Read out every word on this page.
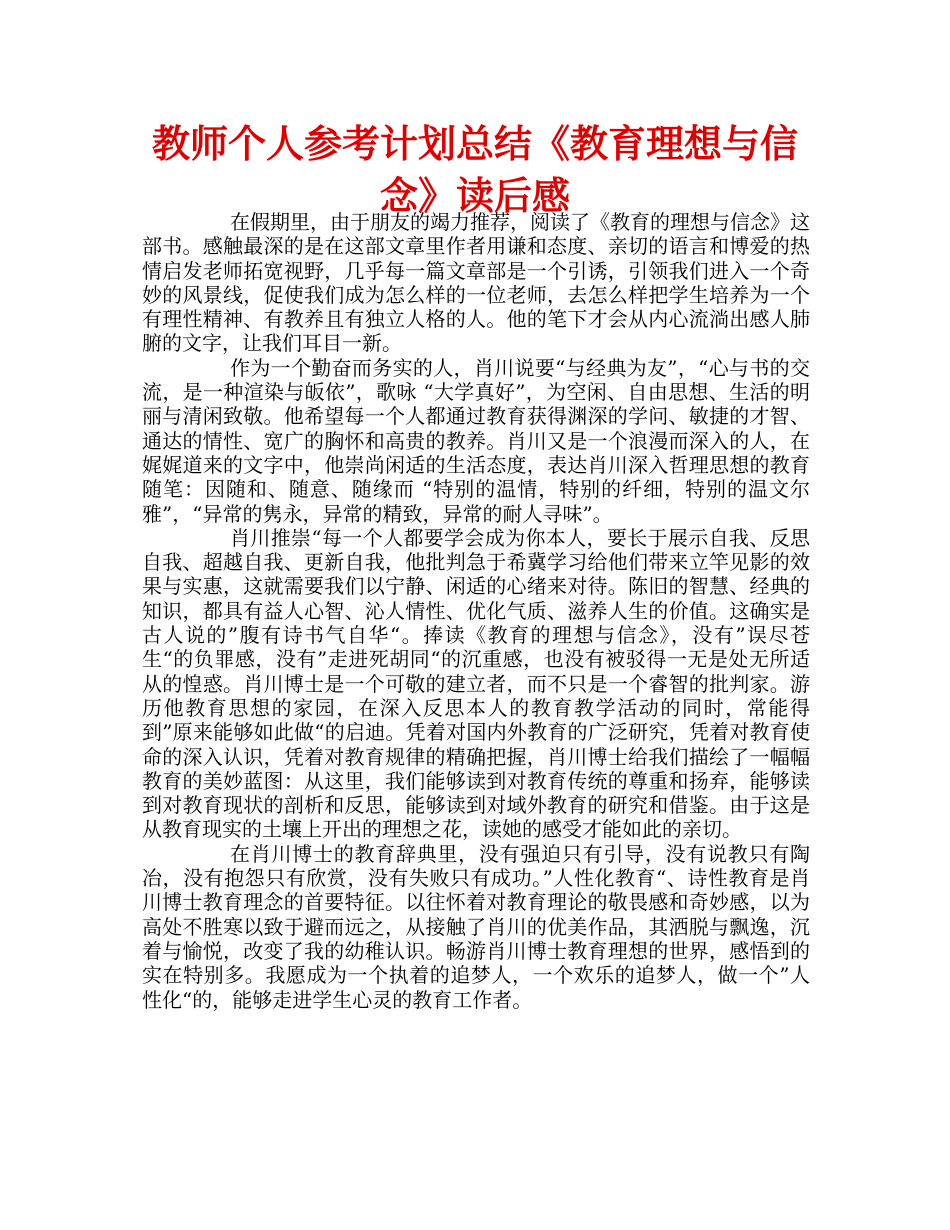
教师个人参考计划总结《教育理想与信念》读后感

在假期里，由于朋友的竭力推荐，阅读了《教育的理想与信念》这部书。感触最深的是在这部文章里作者用谦和态度、亲切的语言和博爱的热情启发老师拓宽视野，几乎每一篇文章部是一个引诱，引领我们进入一个奇妙的风景线，促使我们成为怎么样的一位老师，去怎么样把学生培养为一个有理性精神、有教养且有独立人格的人。他的笔下才会从内心流淌出感人肺腑的文字，让我们耳目一新。

作为一个勤奋而务实的人，肖川说要“与经典为友”，“心与书的交流，是一种渲染与皈依”，歌咏 “大学真好”，为空闲、自由思想、生活的明丽与清闲致敬。他希望每一个人都通过教育获得渊深的学问、敏捷的才智、通达的情性、宽广的胸怀和高贵的教养。肖川又是一个浪漫而深入的人，在娓娓道来的文字中，他崇尚闲适的生活态度，表达肖川深入哲理思想的教育随笔：因随和、随意、随缘而 “特别的温情，特别的纤细，特别的温文尔雅”，“异常的隽永，异常的精致，异常的耐人寻味”。

肖川推崇“每一个人都要学会成为你本人，要长于展示自我、反思自我、超越自我、更新自我，他批判急于希冀学习给他们带来立竿见影的效果与实惠，这就需要我们以宁静、闲适的心绪来对待。陈旧的智慧、经典的知识，都具有益人心智、沁人情性、优化气质、滋养人生的价值。这确实是古人说的”腹有诗书气自华“。捧读《教育的理想与信念》，没有”误尽苍生“的负罪感，没有”走进死胡同“的沉重感，也没有被驳得一无是处无所适从的惶惑。肖川博士是一个可敬的建立者，而不只是一个睿智的批判家。游历他教育思想的家园，在深入反思本人的教育教学活动的同时，常能得到”原来能够如此做“的启迪。凭着对国内外教育的广泛研究，凭着对教育使命的深入认识，凭着对教育规律的精确把握，肖川博士给我们描绘了一幅幅教育的美妙蓝图：从这里，我们能够读到对教育传统的尊重和扬弃，能够读到对教育现状的剖析和反思，能够读到对域外教育的研究和借鉴。由于这是从教育现实的土壤上开出的理想之花，读她的感受才能如此的亲切。

在肖川博士的教育辞典里，没有强迫只有引导，没有说教只有陶冶，没有抱怨只有欣赏，没有失败只有成功。”人性化教育“、诗性教育是肖川博士教育理念的首要特征。以往怀着对教育理论的敬畏感和奇妙感，以为高处不胜寒以致于避而远之，从接触了肖川的优美作品，其洒脱与飘逸，沉着与愉悦，改变了我的幼稚认识。畅游肖川博士教育理想的世界，感悟到的实在特别多。我愿成为一个执着的追梦人，一个欢乐的追梦人，做一个”人性化“的，能够走进学生心灵的教育工作者。
